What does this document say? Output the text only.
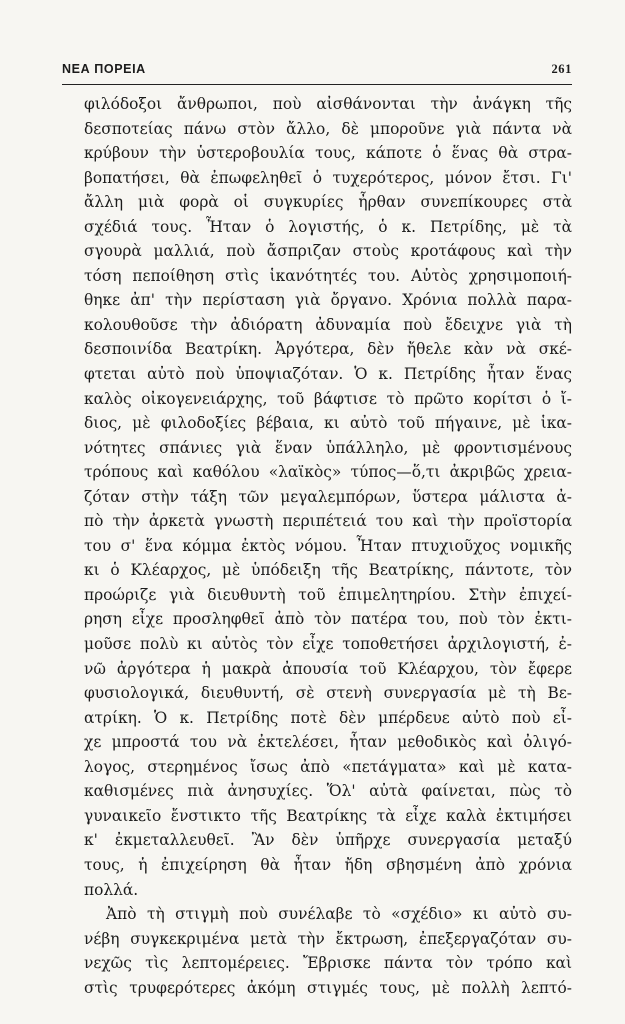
ΝΕΑ ΠΟΡΕΙΑ	261
φιλόδοξοι ἄνθρωποι, ποὺ αἰσθάνονται τὴν ἀνάγκη τῆς
δεσποτείας πάνω στὸν ἄλλο, δὲ μποροῦνε γιὰ πάντα νὰ
κρύβουν τὴν ὑστεροβουλία τους, κάποτε ὁ ἕνας θὰ στρα-
βοπατήσει, θὰ ἐπωφεληθεῖ ὁ τυχερότερος, μόνον ἔτσι. Γι'
ἄλλη μιὰ φορὰ οἱ συγκυρίες ἦρθαν συνεπίκουρες στὰ
σχέδιά τους. Ἦταν ὁ λογιστής, ὁ κ. Πετρίδης, μὲ τὰ
σγουρὰ μαλλιά, ποὺ ἄσπριζαν στοὺς κροτάφους καὶ τὴν
τόση πεποίθηση στὶς ἱκανότητές του. Αὐτὸς χρησιμοποιή-
θηκε ἀπ' τὴν περίσταση γιὰ ὄργανο. Χρόνια πολλὰ παρα-
κολουθοῦσε τὴν ἀδιόρατη ἀδυναμία ποὺ ἔδειχνε γιὰ τὴ
δεσποινίδα Βεατρίκη. Ἀργότερα, δὲν ἤθελε κὰν νὰ σκέ-
φτεται αὐτὸ ποὺ ὑποψιαζόταν. Ὁ κ. Πετρίδης ἦταν ἕνας
καλὸς οἰκογενειάρχης, τοῦ βάφτισε τὸ πρῶτο κορίτσι ὁ ἴ-
διος, μὲ φιλοδοξίες βέβαια, κι αὐτὸ τοῦ πήγαινε, μὲ ἱκα-
νότητες σπάνιες γιὰ ἕναν ὑπάλληλο, μὲ φροντισμένους
τρόπους καὶ καθόλου «λαϊκὸς» τύπος—ὅ,τι ἀκριβῶς χρεια-
ζόταν στὴν τάξη τῶν μεγαλεμπόρων, ὕστερα μάλιστα ἀ-
πὸ τὴν ἀρκετὰ γνωστὴ περιπέτειά του καὶ τὴν προϊστορία
του σ' ἕνα κόμμα ἐκτὸς νόμου. Ἦταν πτυχιοῦχος νομικῆς
κι ὁ Κλέαρχος, μὲ ὑπόδειξη τῆς Βεατρίκης, πάντοτε, τὸν
προώριζε γιὰ διευθυντὴ τοῦ ἐπιμελητηρίου. Στὴν ἐπιχεί-
ρηση εἶχε προσληφθεῖ ἀπὸ τὸν πατέρα του, ποὺ τὸν ἐκτι-
μοῦσε πολὺ κι αὐτὸς τὸν εἶχε τοποθετήσει ἀρχιλογιστή, ἐ-
νῶ ἀργότερα ἡ μακρὰ ἀπουσία τοῦ Κλέαρχου, τὸν ἔφερε
φυσιολογικά, διευθυντή, σὲ στενὴ συνεργασία μὲ τὴ Βε-
ατρίκη. Ὁ κ. Πετρίδης ποτὲ δὲν μπέρδευε αὐτὸ ποὺ εἶ-
χε μπροστά του νὰ ἐκτελέσει, ἦταν μεθοδικὸς καὶ ὀλιγό-
λογος, στερημένος ἴσως ἀπὸ «πετάγματα» καὶ μὲ κατα-
καθισμένες πιὰ ἀνησυχίες. Ὅλ' αὐτὰ φαίνεται, πὼς τὸ
γυναικεῖο ἔνστικτο τῆς Βεατρίκης τὰ εἶχε καλὰ ἐκτιμήσει
κ' ἐκμεταλλευθεῖ. Ἂν δὲν ὑπῆρχε συνεργασία μεταξύ
τους, ἡ ἐπιχείρηση θὰ ἦταν ἤδη σβησμένη ἀπὸ χρόνια
πολλά.
Ἀπὸ τὴ στιγμὴ ποὺ συνέλαβε τὸ «σχέδιο» κι αὐτὸ συ-
νέβη συγκεκριμένα μετὰ τὴν ἔκτρωση, ἐπεξεργαζόταν συ-
νεχῶς τὶς λεπτομέρειες. Ἔβρισκε πάντα τὸν τρόπο καὶ
στὶς τρυφερότερες ἀκόμη στιγμές τους, μὲ πολλὴ λεπτό-
